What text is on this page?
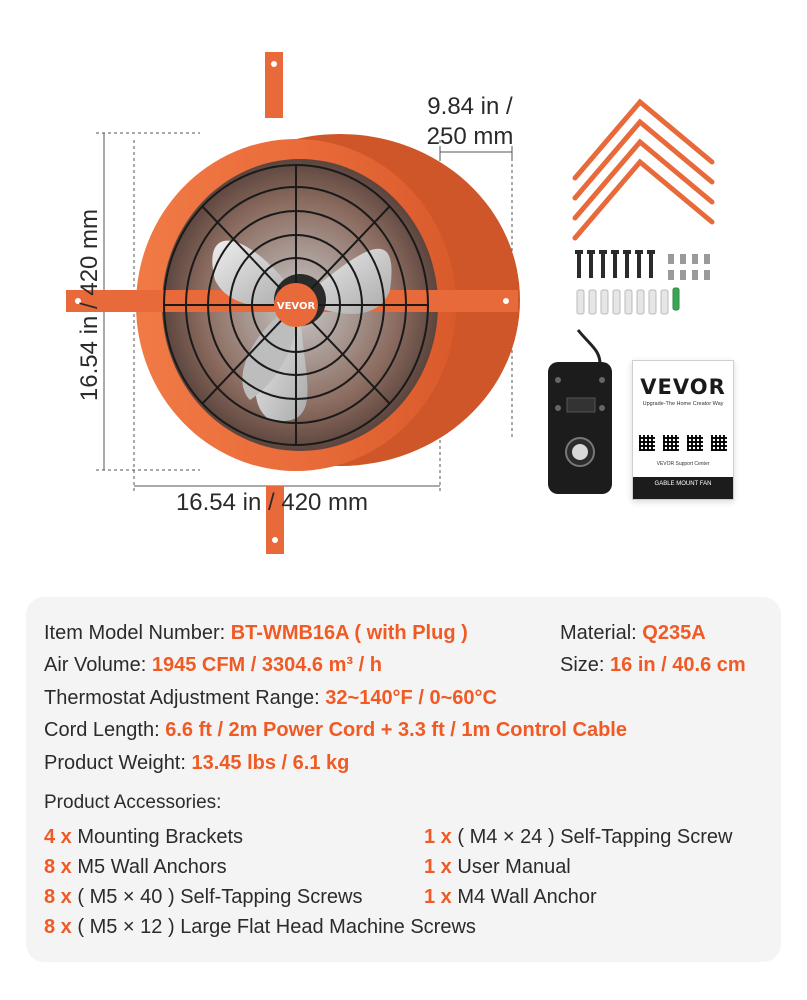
VEVOR
16.54 in / 420 mm
16.54 in / 420 mm
9.84 in /
250 mm
VEVOR
Upgrade-The Home Creator Way
VEVOR Support Center
GABLE MOUNT FAN
Item Model Number: BT-WMB16A ( with Plug )	Material: Q235A
Air Volume: 1945 CFM / 3304.6 m³ / h	Size: 16 in / 40.6 cm
Thermostat Adjustment Range: 32~140°F / 0~60°C
Cord Length: 6.6 ft / 2m Power Cord + 3.3 ft / 1m Control Cable
Product Weight: 13.45 lbs / 6.1 kg
Product Accessories:
4 x Mounting Brackets
8 x M5 Wall Anchors
8 x ( M5 × 40 ) Self-Tapping Screws
8 x ( M5 × 12 ) Large Flat Head Machine Screws
1 x ( M4 × 24 ) Self-Tapping Screw
1 x User Manual
1 x M4 Wall Anchor
